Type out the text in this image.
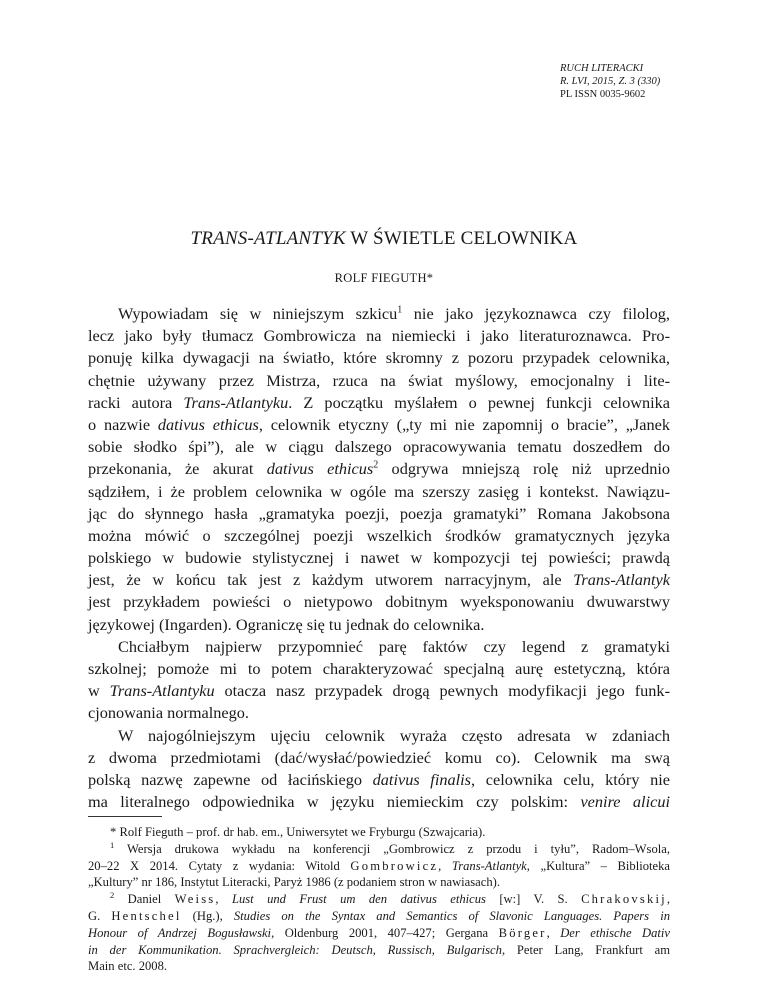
RUCH LITERACKI
R. LVI, 2015, Z. 3 (330)
PL ISSN 0035-9602
TRANS-ATLANTYK W ŚWIETLE CELOWNIKA
ROLF FIEGUTH*
Wypowiadam się w niniejszym szkicu$^1$ nie jako językoznawca czy filolog,
lecz jako były tłumacz Gombrowicza na niemiecki i jako literaturoznawca. Pro-
ponuję kilka dywagacji na światło, które skromny z pozoru przypadek celownika,
chętnie używany przez Mistrza, rzuca na świat myślowy, emocjonalny i lite-
racki autora Trans-Atlantyku. Z początku myślałem o pewnej funkcji celownika
o nazwie dativus ethicus, celownik etyczny („ty mi nie zapomnij o bracie”, „Janek
sobie słodko śpi”), ale w ciągu dalszego opracowywania tematu doszedłem do
przekonania, że akurat dativus ethicus$^2$ odgrywa mniejszą rolę niż uprzednio
sądziłem, i że problem celownika w ogóle ma szerszy zasięg i kontekst. Nawiązu-
jąc do słynnego hasła „gramatyka poezji, poezja gramatyki” Romana Jakobsona
można mówić o szczególnej poezji wszelkich środków gramatycznych języka
polskiego w budowie stylistycznej i nawet w kompozycji tej powieści; prawdą
jest, że w końcu tak jest z każdym utworem narracyjnym, ale Trans-Atlantyk
jest przykładem powieści o nietypowo dobitnym wyeksponowaniu dwuwarstwy
językowej (Ingarden). Ograniczę się tu jednak do celownika.
Chciałbym najpierw przypomnieć parę faktów czy legend z gramatyki
szkolnej; pomoże mi to potem charakteryzować specjalną aurę estetyczną, która
w Trans-Atlantyku otacza nasz przypadek drogą pewnych modyfikacji jego funk-
cjonowania normalnego.
W najogólniejszym ujęciu celownik wyraża często adresata w zdaniach
z dwoma przedmiotami (dać/wysłać/powiedzieć komu co). Celownik ma swą
polską nazwę zapewne od łacińskiego dativus finalis, celownika celu, który nie
ma literalnego odpowiednika w języku niemieckim czy polskim: venire alicui
* Rolf Fieguth – prof. dr hab. em., Uniwersytet we Fryburgu (Szwajcaria).
$^1$ Wersja drukowa wykładu na konferencji „Gombrowicz z przodu i tyłu”, Radom–Wsola,
20–22 X 2014. Cytaty z wydania: Witold Gombrowicz, Trans-Atlantyk, „Kultura” – Biblioteka
„Kultury” nr 186, Instytut Literacki, Paryż 1986 (z podaniem stron w nawiasach).
$^2$ Daniel Weiss, Lust und Frust um den dativus ethicus [w:] V. S. Chrakovskij,
G. Hentschel (Hg.), Studies on the Syntax and Semantics of Slavonic Languages. Papers in
Honour of Andrzej Bogusławski, Oldenburg 2001, 407–427; Gergana Börger, Der ethische Dativ
in der Kommunikation. Sprachvergleich: Deutsch, Russisch, Bulgarisch, Peter Lang, Frankfurt am
Main etc. 2008.
